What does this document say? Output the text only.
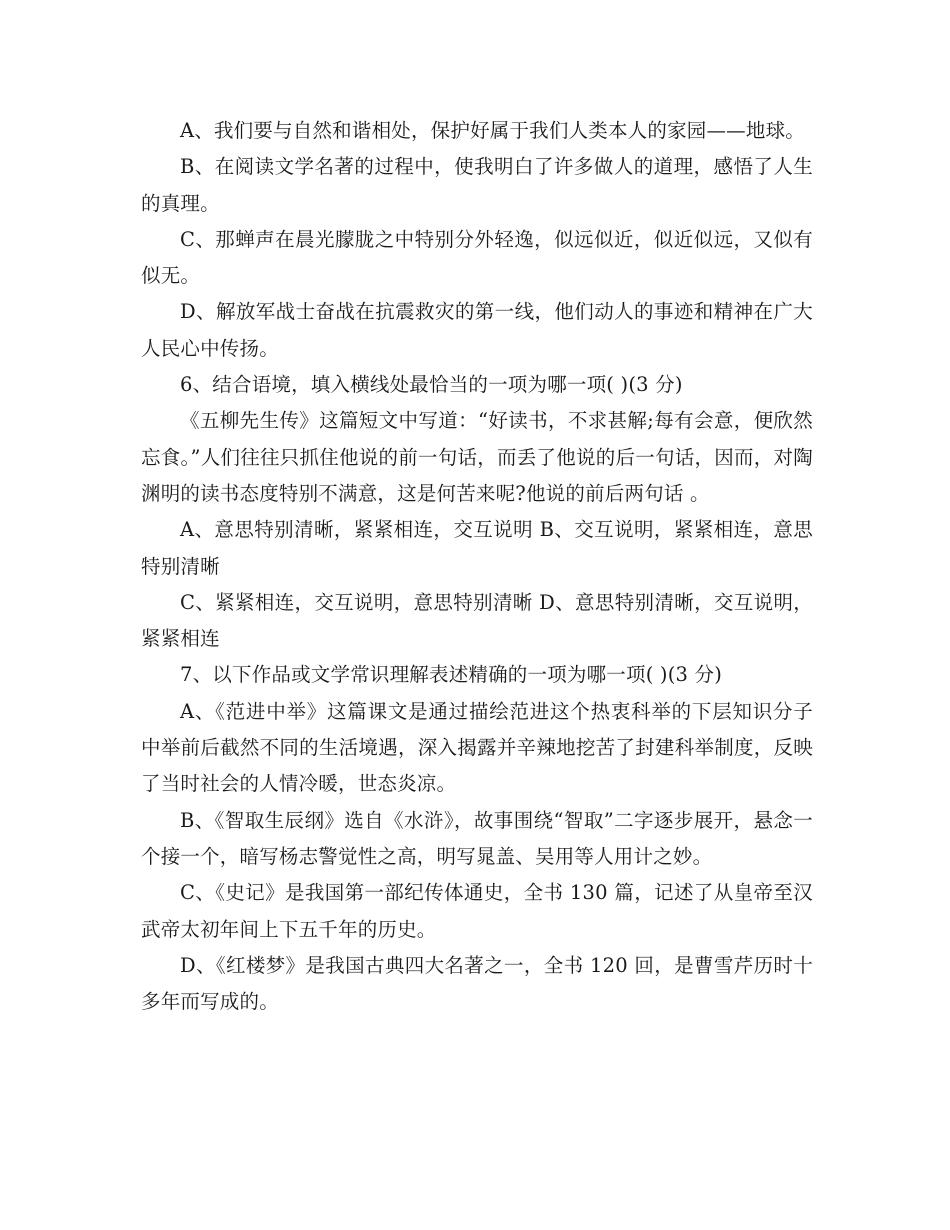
A、我们要与自然和谐相处，保护好属于我们人类本人的家园——地球。

B、在阅读文学名著的过程中，使我明白了许多做人的道理，感悟了人生的真理。

C、那蝉声在晨光朦胧之中特别分外轻逸，似远似近，似近似远，又似有似无。

D、解放军战士奋战在抗震救灾的第一线，他们动人的事迹和精神在广大人民心中传扬。

6、结合语境，填入横线处最恰当的一项为哪一项( )(3 分)

《五柳先生传》这篇短文中写道：“好读书，不求甚解;每有会意，便欣然忘食。”人们往往只抓住他说的前一句话，而丢了他说的后一句话，因而，对陶渊明的读书态度特别不满意，这是何苦来呢?他说的前后两句话 。

A、意思特别清晰，紧紧相连，交互说明 B、交互说明，紧紧相连，意思特别清晰

C、紧紧相连，交互说明，意思特别清晰 D、意思特别清晰，交互说明，紧紧相连

7、以下作品或文学常识理解表述精确的一项为哪一项( )(3 分)

A、《范进中举》这篇课文是通过描绘范进这个热衷科举的下层知识分子中举前后截然不同的生活境遇，深入揭露并辛辣地挖苦了封建科举制度，反映了当时社会的人情冷暖，世态炎凉。

B、《智取生辰纲》选自《水浒》，故事围绕“智取”二字逐步展开，悬念一个接一个，暗写杨志警觉性之高，明写晁盖、吴用等人用计之妙。

C、《史记》是我国第一部纪传体通史，全书 130 篇，记述了从皇帝至汉武帝太初年间上下五千年的历史。

D、《红楼梦》是我国古典四大名著之一，全书 120 回，是曹雪芹历时十多年而写成的。
